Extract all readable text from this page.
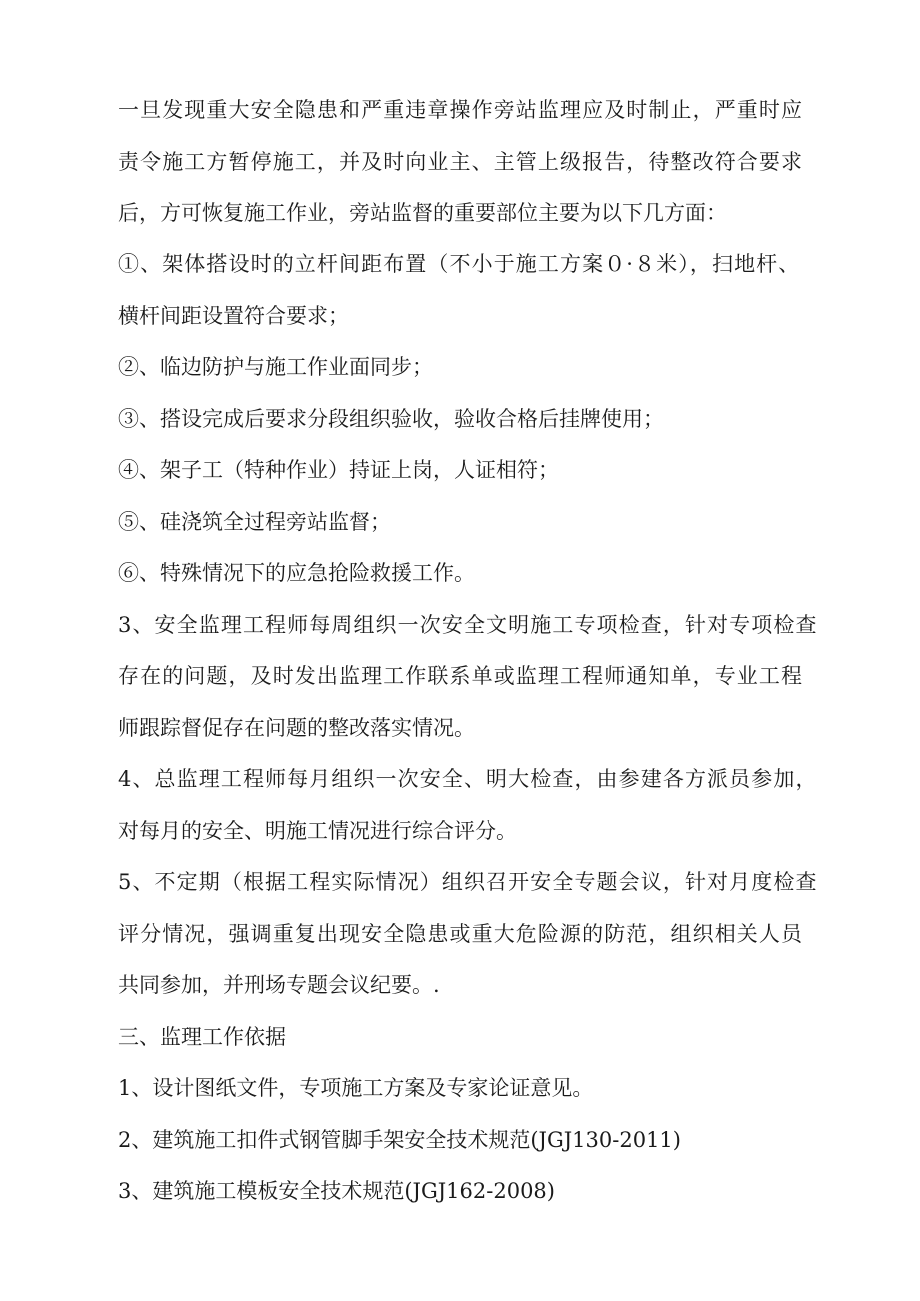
一旦发现重大安全隐患和严重违章操作旁站监理应及时制止，严重时应
责令施工方暂停施工，并及时向业主、主管上级报告，待整改符合要求
后，方可恢复施工作业，旁站监督的重要部位主要为以下几方面：
①、架体搭设时的立杆间距布置（不小于施工方案０·８米），扫地杆、
横杆间距设置符合要求；
②、临边防护与施工作业面同步；
③、搭设完成后要求分段组织验收，验收合格后挂牌使用；
④、架子工（特种作业）持证上岗，人证相符；
⑤、硅浇筑全过程旁站监督；
⑥、特殊情况下的应急抢险救援工作。
3、安全监理工程师每周组织一次安全文明施工专项检查，针对专项检查
存在的问题，及时发出监理工作联系单或监理工程师通知单，专业工程
师跟踪督促存在问题的整改落实情况。
4、总监理工程师每月组织一次安全、明大检查，由参建各方派员参加，
对每月的安全、明施工情况进行综合评分。
5、不定期（根据工程实际情况）组织召开安全专题会议，针对月度检查
评分情况，强调重复出现安全隐患或重大危险源的防范，组织相关人员
共同参加，并刑场专题会议纪要。.
三、监理工作依据
1、设计图纸文件，专项施工方案及专家论证意见。
2、建筑施工扣件式钢管脚手架安全技术规范(JGJ130-2011)
3、建筑施工模板安全技术规范(JGJ162-2008)
